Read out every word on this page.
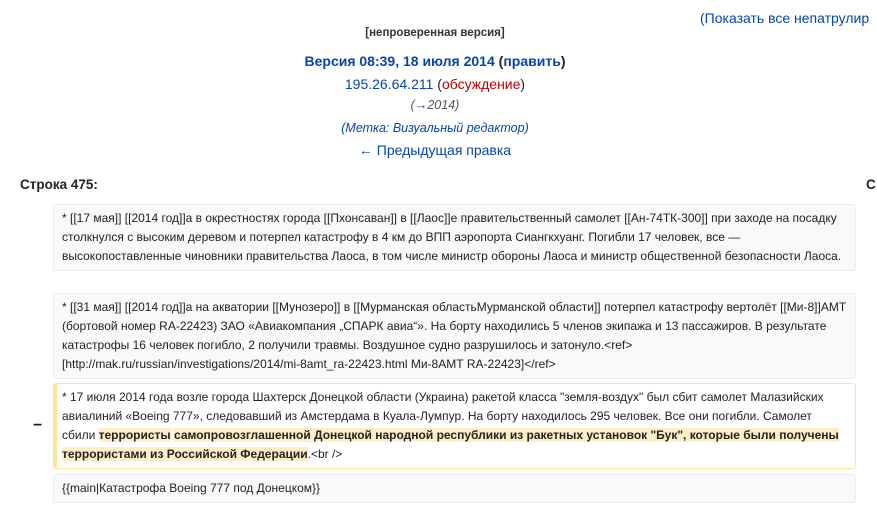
(Показать все непатрулир
[непроверенная версия]
Версия 08:39, 18 июля 2014 (править)
195.26.64.211 (обсуждение)
(→2014)
(Метка: Визуальный редактор)
← Предыдущая правка
Строка 475:	С
* [[17 мая]] [[2014 год]]а в окрестностях города [[Пхонсаван]] в [[Лаос]]е правительственный самолет [[Ан-74ТК-300]] при заходе на посадку столкнулся с высоким деревом и потерпел катастрофу в 4 км до ВПП аэропорта Сиангкхуанг. Погибли 17 человек, все — высокопоставленные чиновники правительства Лаоса, в том числе министр обороны Лаоса и министр общественной безопасности Лаоса.
* [[31 мая]] [[2014 год]]а на акватории [[Мунозеро]] в [[Мурманская областьМурманской области]] потерпел катастрофу вертолёт [[Ми-8]]АМТ (бортовой номер RA-22423) ЗАО «Авиакомпания „СПАРК авиа“». На борту находились 5 членов экипажа и 13 пассажиров. В результате катастрофы 16 человек погибло, 2 получили травмы. Воздушное судно разрушилось и затонуло.<ref>[http://mak.ru/russian/investigations/2014/mi-8amt_ra-22423.html Ми-8АМТ RA-22423]</ref>
−
* 17 июля 2014 года возле города Шахтерск Донецкой области (Украина) ракетой класса "земля-воздух" был сбит самолет Малазийских авиалиний «Boeing 777», следовавший из Амстердама в Куала-Лумпур. На борту находилось 295 человек. Все они погибли. Самолет сбили террористы самопровозглашенной Донецкой народной республики из ракетных установок "Бук", которые были получены террористами из Российской Федерации.<br />
{{main|Катастрофа Boeing 777 под Донецком}}
